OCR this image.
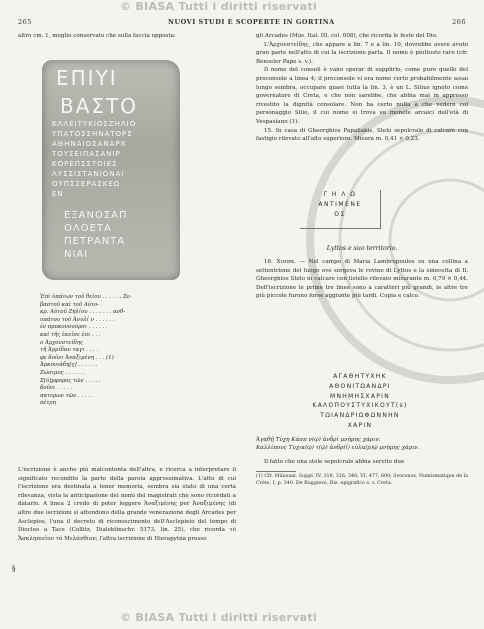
© BIASA Tutti i diritti riservati
265	NUOVI STUDI E SCOPERTE IN GORTINA	266

altro cm. 1, meglio conservato che sulla faccia opposta:

ΕΠΙΥΙ
ΒΑΣΤΟ
ΚΛΛΕΙΤΥΚΙΟΣΖΗΛΙΟ
ΥΠΑΤΟΣΣΗΝΑΤΟΡΣ
ΑΘΗΝΑΙΟΣΑΝΑΡΧ
ΤΟΥΣΕΙΠΑΣΑΝΙΡ
ΚΟΡΕΠΣΣΤΟΙΕΣ
ΛΥΣΣΙΣΤΑΝΙΟΝΑΙ
ΟΥΠΣΣΕΡΑΣΚΕΩ
ΕΝ
ΕΞΑΝΟΣΑΠ
ΟΛΟΕΤΑ
ΠΕΤΡΑΝΤΑ
ΝΙΑΙ
Ἐπὶ ὑπάτων τοῦ θείου . . . . . . Σε-
βαστοῦ καὶ τοῦ Αὐτο-
κρ. Αὐτοῦ Ζηλίου . . . . . . . ανθ-
υπάτου τοῦ Ἀνυλί ν . . . . . .
ἐν προκονσούρσι . . . . . .
καὶ τῆς ἐκεῖσε ἐπι . . .
ο Ἀρχονστείδης
τῆ Ἀρμίδαν ταγι . . . .
φε δοῦνι Ἀναξιμένη . . . (1)
Ἀρκονιάδη[ς] . . . . . .
Ζώσιμος . . . . . .
Σ[ύ]μφορος τῶν . . . . .
δοῦνι . . . . .
πατερων τῶν . . . . .
πέτρη

L'iscrizione è anche più malcontenta dell'altra, e ricerca a interpretare il significato recondito la parte della parola approssimativa. L'atto di cui l'iscrizione era destinata a tener memoria, sembra sia stato di una certa rilevanza, vista la anticipazione dei nomi dei magistrati che sono ricordati a datarlo. A linea 2 credo di poter leggere Ἀναξιμένης per Ἀναξιμένης (di altre due iscrizioni si attendono della grande venerazione degli Arcades per Asclepios, l'una il decreto di riconoscimento dell'Asclepieio del tempo di Diocleo a Tace (Collitz, Dialektinschr. 5173, lin. 25), che ricorda τὸ Ἄσκληπιεῖον τὸ Μελάνθιον; l'altra iscrizione di Hierapytna presso

§

gli Arcades (Mus. Ital. III, col. 608), che ricorda le feste del Dio.

L'Ἀρχονστείδης, che appare a lin. 7 e a lin. 10, dovrebbe avere avuto gran parte nell'atto di cui la iscrizione parla. Il nome è piuttosto raro (cfr. Benseler Pape s. v.).

Il nome del consoli è vano sperar di supplirlo, come pure quello del proconsole a linea 4; il proconsole vi era nome certo probabilmente assai lungo sembra, occupare quasi tutta la lin. 3, è un L. Silius ignoto come governatore di Creta, e che non sarebbe, che abbia mai in appresso rivestito la dignità consolare. Non ha certo nulla a che vedere col personaggio Silio, il cui nome si trova su monete arcaici dell'età di Vespasiano (1).

15. In casa di Gheorghios Papaliakis, Stelo sepolcrale di calcare con fastigio rilevato all'alto superiore. Misura m. 0,41 × 0,23.

Γ Η Λ Ω
ΑΝΤΙΜΕΝΕ
ΟΣ
Lyttos e suo territorio.

16. Χισσα. — Nel campo di Maria Lambropoulos su una collina a settentrione del luogo ove sorgeva le rovine di Lyttos e la sinecetta di Il. Gheorghios Stelo in calcare con listello rilevato misurante m. 0,79 × 0,44. Dell'iscrizione le prime tre linee sono a caratteri più grandi, le altre tre più piccole furono forse aggiunte più tardi. Copia e calco.

ΑΓΑΘΗΤΥΧΗΚ
ΑΘΟΝΙΤΩΑΝΔΡΙ
ΜΝΗΜΗΣΧΑΡΙΝ
ΚΑΛΟΠΟΥΣΤΥΧΙΚΟΥΤ(s)
ΤΩΙΑΝΔΡΙΩΦΩΝΝΗΝ
ΧΑΡΙΝ
Ἀγαθῇ Τύχῃ Κάσπ ν(ῷ) ἀνδρί μνήμης χάριν.
Καλλίπους Τυχικ(ῷ) τ(ῷ) ἀνδρ(ί) εὐλα(ρ)ῷ μνήμης χάριν.

Il fatto che una stele sepolcrale abbia servito due

(1) Cfr. Münsual, Suppl. IV, 318, 316, 346; VI, 477, 600; Svoronos, Numismatique de la Crète, I, p. 340. De Ruggiero, Diz. epigrafico s. v. Creta.

© BIASA Tutti i diritti riservati
